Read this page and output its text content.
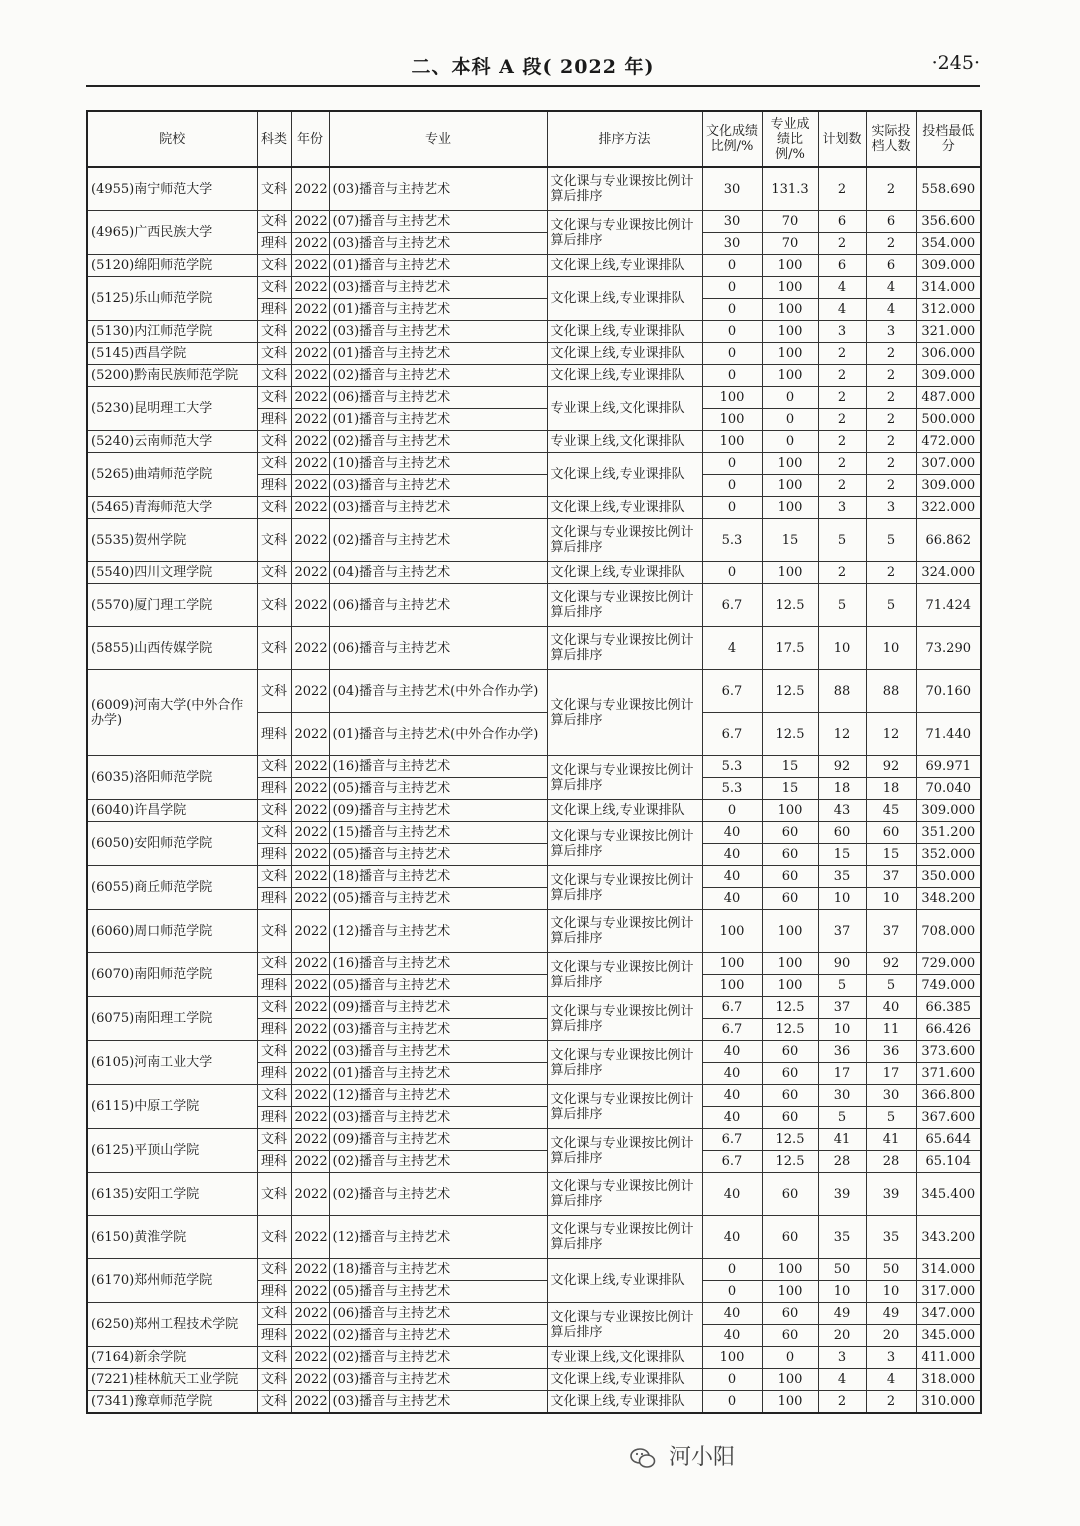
二、本科 A 段( 2022 年)	·245·
院校	科类	年份	专业	排序方法	文化成绩比例/%	专业成绩比例/%	计划数	实际投档人数	投档最低分
(4955)南宁师范大学	文科	2022	(03)播音与主持艺术	文化课与专业课按比例计算后排序	30	131.3	2	2	558.690
(4965)广西民族大学	文科	2022	(07)播音与主持艺术	文化课与专业课按比例计算后排序	30	70	6	6	356.600
	理科	2022	(03)播音与主持艺术		30	70	2	2	354.000
(5120)绵阳师范学院	文科	2022	(01)播音与主持艺术	文化课上线,专业课排队	0	100	6	6	309.000
(5125)乐山师范学院	文科	2022	(03)播音与主持艺术	文化课上线,专业课排队	0	100	4	4	314.000
	理科	2022	(01)播音与主持艺术		0	100	4	4	312.000
(5130)内江师范学院	文科	2022	(03)播音与主持艺术	文化课上线,专业课排队	0	100	3	3	321.000
(5145)西昌学院	文科	2022	(01)播音与主持艺术	文化课上线,专业课排队	0	100	2	2	306.000
(5200)黔南民族师范学院	文科	2022	(02)播音与主持艺术	文化课上线,专业课排队	0	100	2	2	309.000
(5230)昆明理工大学	文科	2022	(06)播音与主持艺术	专业课上线,文化课排队	100	0	2	2	487.000
	理科	2022	(01)播音与主持艺术		100	0	2	2	500.000
(5240)云南师范大学	文科	2022	(02)播音与主持艺术	专业课上线,文化课排队	100	0	2	2	472.000
(5265)曲靖师范学院	文科	2022	(10)播音与主持艺术	文化课上线,专业课排队	0	100	2	2	307.000
	理科	2022	(03)播音与主持艺术		0	100	2	2	309.000
(5465)青海师范大学	文科	2022	(03)播音与主持艺术	文化课上线,专业课排队	0	100	3	3	322.000
(5535)贺州学院	文科	2022	(02)播音与主持艺术	文化课与专业课按比例计算后排序	5.3	15	5	5	66.862
(5540)四川文理学院	文科	2022	(04)播音与主持艺术	文化课上线,专业课排队	0	100	2	2	324.000
(5570)厦门理工学院	文科	2022	(06)播音与主持艺术	文化课与专业课按比例计算后排序	6.7	12.5	5	5	71.424
(5855)山西传媒学院	文科	2022	(06)播音与主持艺术	文化课与专业课按比例计算后排序	4	17.5	10	10	73.290
(6009)河南大学(中外合作办学)	文科	2022	(04)播音与主持艺术(中外合作办学)	文化课与专业课按比例计算后排序	6.7	12.5	88	88	70.160
	理科	2022	(01)播音与主持艺术(中外合作办学)		6.7	12.5	12	12	71.440
(6035)洛阳师范学院	文科	2022	(16)播音与主持艺术	文化课与专业课按比例计算后排序	5.3	15	92	92	69.971
	理科	2022	(05)播音与主持艺术		5.3	15	18	18	70.040
(6040)许昌学院	文科	2022	(09)播音与主持艺术	文化课上线,专业课排队	0	100	43	45	309.000
(6050)安阳师范学院	文科	2022	(15)播音与主持艺术	文化课与专业课按比例计算后排序	40	60	60	60	351.200
	理科	2022	(05)播音与主持艺术		40	60	15	15	352.000
(6055)商丘师范学院	文科	2022	(18)播音与主持艺术	文化课与专业课按比例计算后排序	40	60	35	37	350.000
	理科	2022	(05)播音与主持艺术		40	60	10	10	348.200
(6060)周口师范学院	文科	2022	(12)播音与主持艺术	文化课与专业课按比例计算后排序	100	100	37	37	708.000
(6070)南阳师范学院	文科	2022	(16)播音与主持艺术	文化课与专业课按比例计算后排序	100	100	90	92	729.000
	理科	2022	(05)播音与主持艺术		100	100	5	5	749.000
(6075)南阳理工学院	文科	2022	(09)播音与主持艺术	文化课与专业课按比例计算后排序	6.7	12.5	37	40	66.385
	理科	2022	(03)播音与主持艺术		6.7	12.5	10	11	66.426
(6105)河南工业大学	文科	2022	(03)播音与主持艺术	文化课与专业课按比例计算后排序	40	60	36	36	373.600
	理科	2022	(01)播音与主持艺术		40	60	17	17	371.600
(6115)中原工学院	文科	2022	(12)播音与主持艺术	文化课与专业课按比例计算后排序	40	60	30	30	366.800
	理科	2022	(03)播音与主持艺术		40	60	5	5	367.600
(6125)平顶山学院	文科	2022	(09)播音与主持艺术	文化课与专业课按比例计算后排序	6.7	12.5	41	41	65.644
	理科	2022	(02)播音与主持艺术		6.7	12.5	28	28	65.104
(6135)安阳工学院	文科	2022	(02)播音与主持艺术	文化课与专业课按比例计算后排序	40	60	39	39	345.400
(6150)黄淮学院	文科	2022	(12)播音与主持艺术	文化课与专业课按比例计算后排序	40	60	35	35	343.200
(6170)郑州师范学院	文科	2022	(18)播音与主持艺术	文化课上线,专业课排队	0	100	50	50	314.000
	理科	2022	(05)播音与主持艺术		0	100	10	10	317.000
(6250)郑州工程技术学院	文科	2022	(06)播音与主持艺术	文化课与专业课按比例计算后排序	40	60	49	49	347.000
	理科	2022	(02)播音与主持艺术		40	60	20	20	345.000
(7164)新余学院	文科	2022	(02)播音与主持艺术	专业课上线,文化课排队	100	0	3	3	411.000
(7221)桂林航天工业学院	文科	2022	(03)播音与主持艺术	文化课上线,专业课排队	0	100	4	4	318.000
(7341)豫章师范学院	文科	2022	(03)播音与主持艺术	文化课上线,专业课排队	0	100	2	2	310.000
河小阳
